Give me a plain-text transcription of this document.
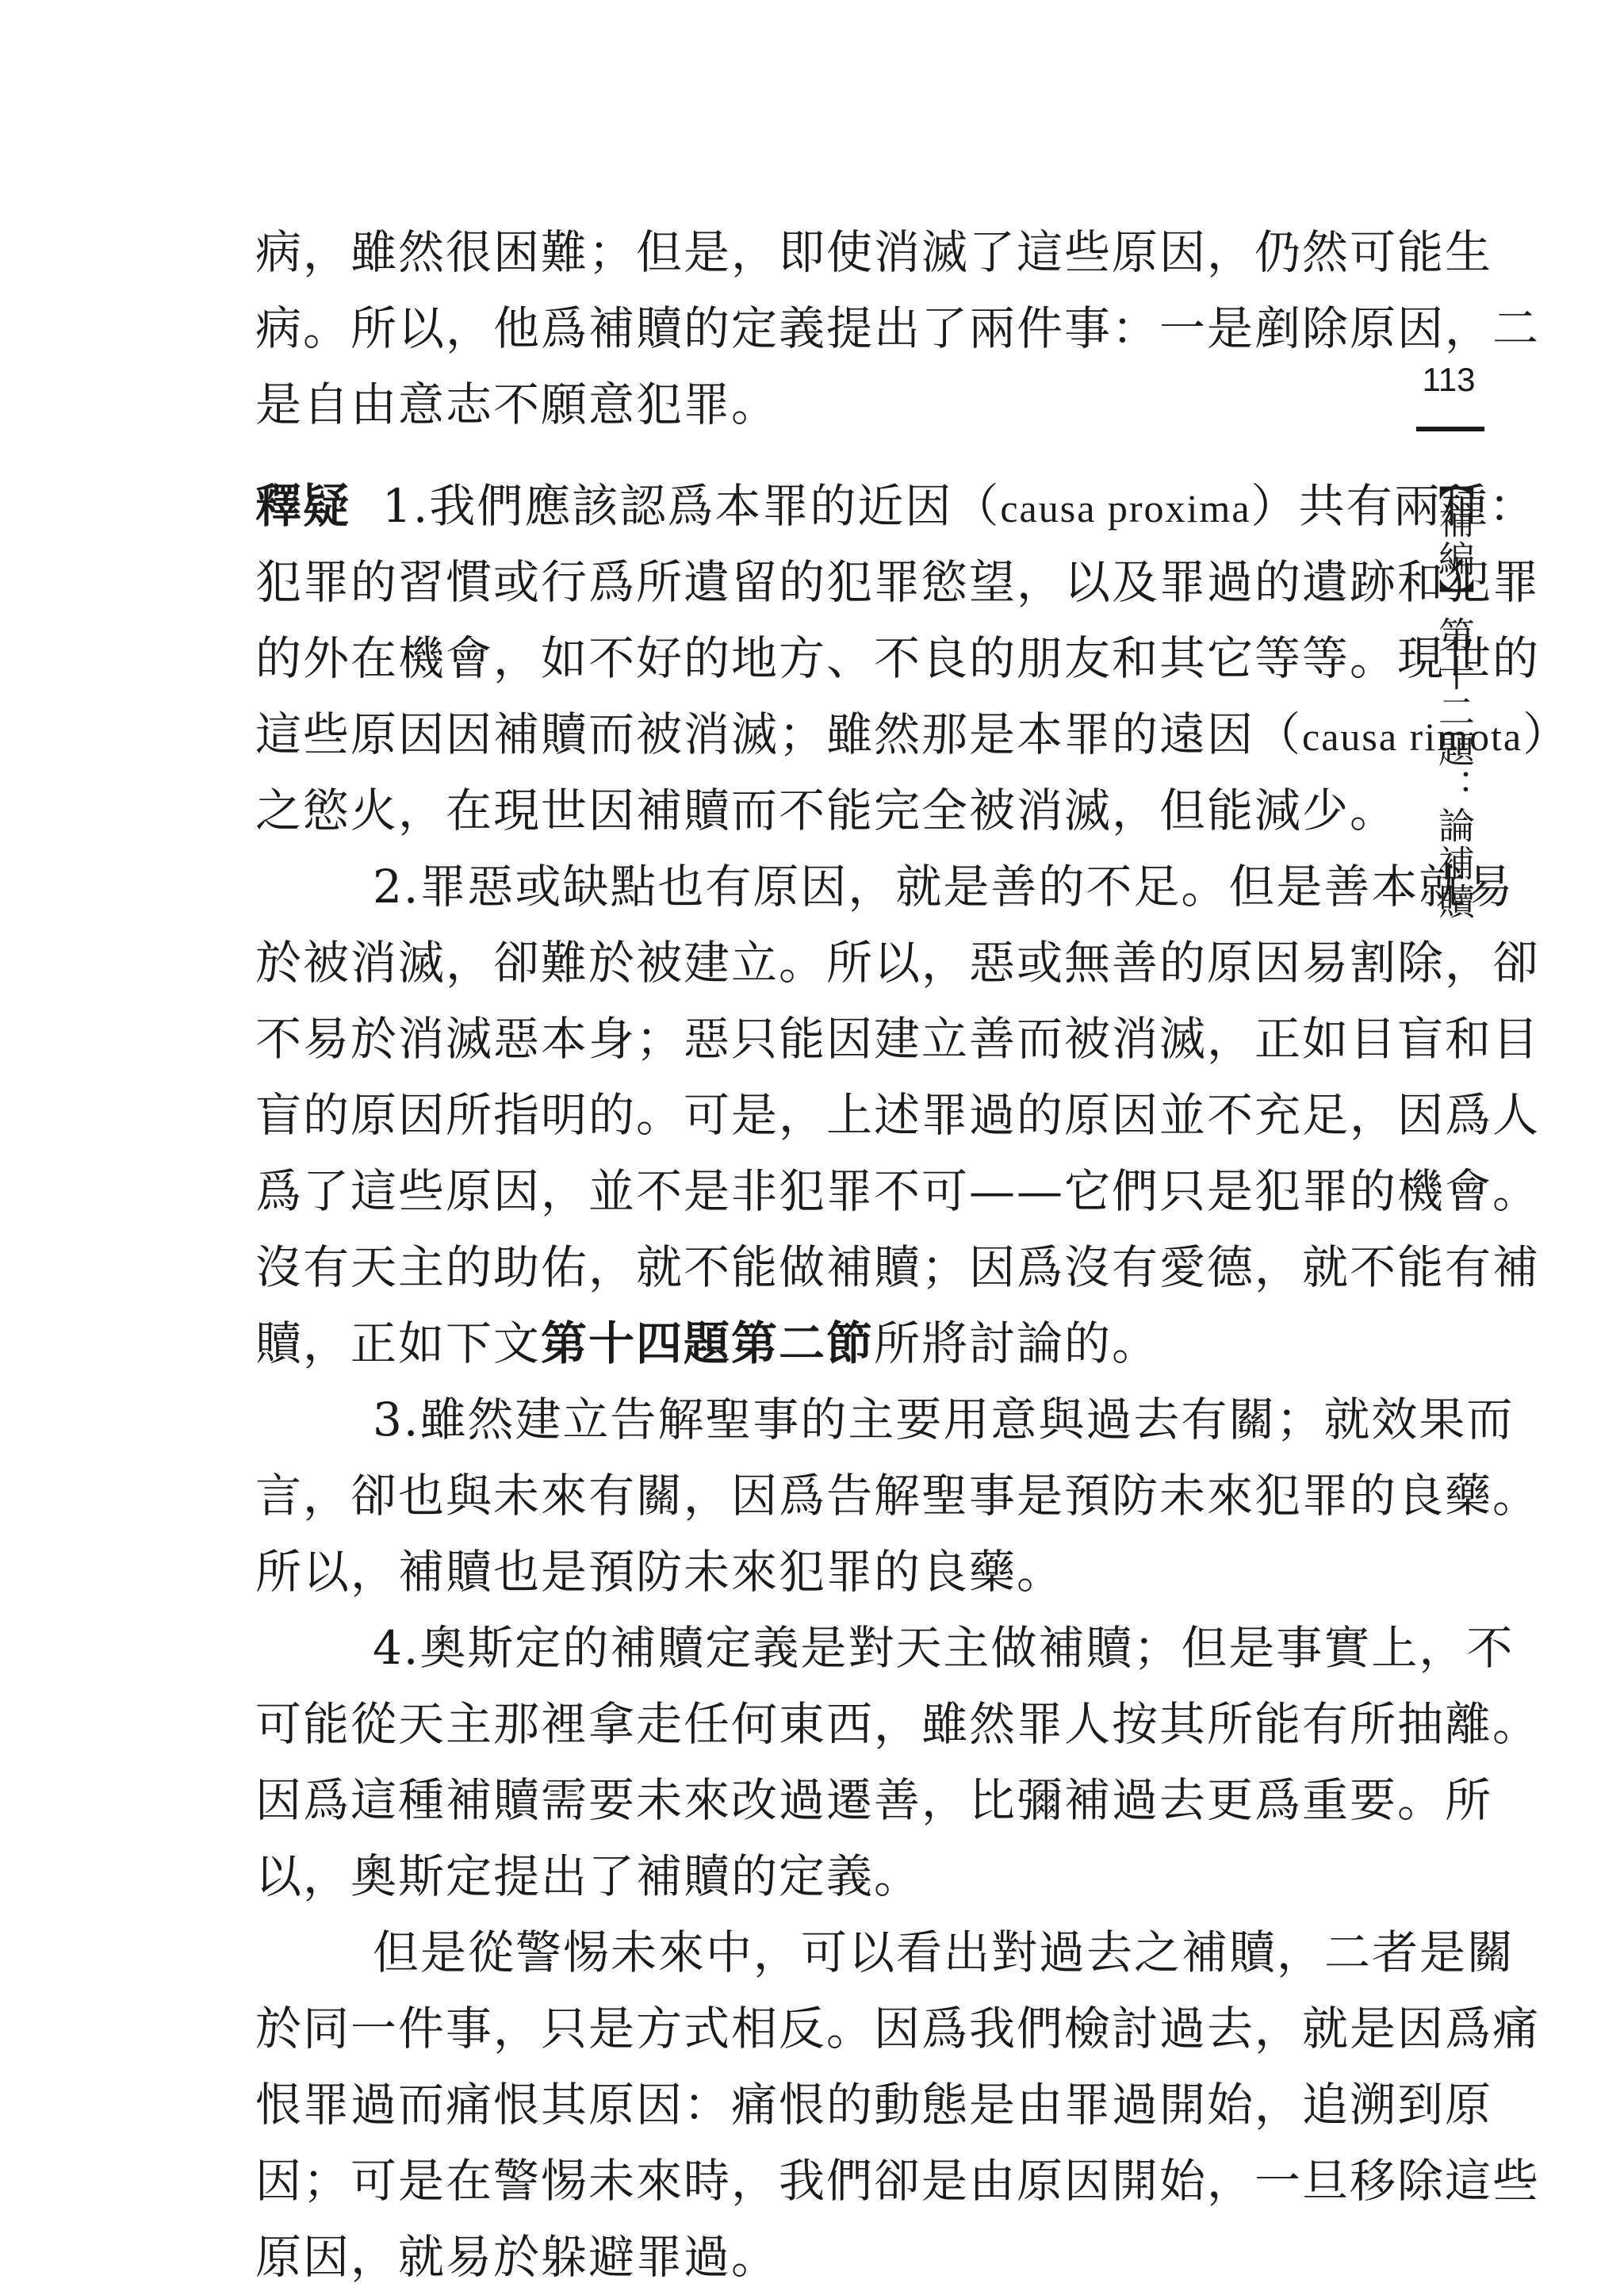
病，雖然很困難；但是，即使消滅了這些原因，仍然可能生
病。所以，他爲補贖的定義提出了兩件事：一是剷除原因，二
是自由意志不願意犯罪。
釋疑 1.我們應該認爲本罪的近因（causa proxima）共有兩種：
犯罪的習慣或行爲所遺留的犯罪慾望，以及罪過的遺跡和犯罪
的外在機會，如不好的地方、不良的朋友和其它等等。現世的
這些原因因補贖而被消滅；雖然那是本罪的遠因（causa rimota）
之慾火，在現世因補贖而不能完全被消滅，但能減少。
2.罪惡或缺點也有原因，就是善的不足。但是善本就易
於被消滅，卻難於被建立。所以，惡或無善的原因易割除，卻
不易於消滅惡本身；惡只能因建立善而被消滅，正如目盲和目
盲的原因所指明的。可是，上述罪過的原因並不充足，因爲人
爲了這些原因，並不是非犯罪不可——它們只是犯罪的機會。
沒有天主的助佑，就不能做補贖；因爲沒有愛德，就不能有補
贖，正如下文第十四題第二節所將討論的。
3.雖然建立告解聖事的主要用意與過去有關；就效果而
言，卻也與未來有關，因爲告解聖事是預防未來犯罪的良藥。
所以，補贖也是預防未來犯罪的良藥。
4.奧斯定的補贖定義是對天主做補贖；但是事實上，不
可能從天主那裡拿走任何東西，雖然罪人按其所能有所抽離。
因爲這種補贖需要未來改過遷善，比彌補過去更爲重要。所
以，奧斯定提出了補贖的定義。
但是從警惕未來中，可以看出對過去之補贖，二者是關
於同一件事，只是方式相反。因爲我們檢討過去，就是因爲痛
恨罪過而痛恨其原因：痛恨的動態是由罪過開始，追溯到原
因；可是在警惕未來時，我們卻是由原因開始，一旦移除這些
原因，就易於躲避罪過。
113
【補編】第十二題：論補贖
